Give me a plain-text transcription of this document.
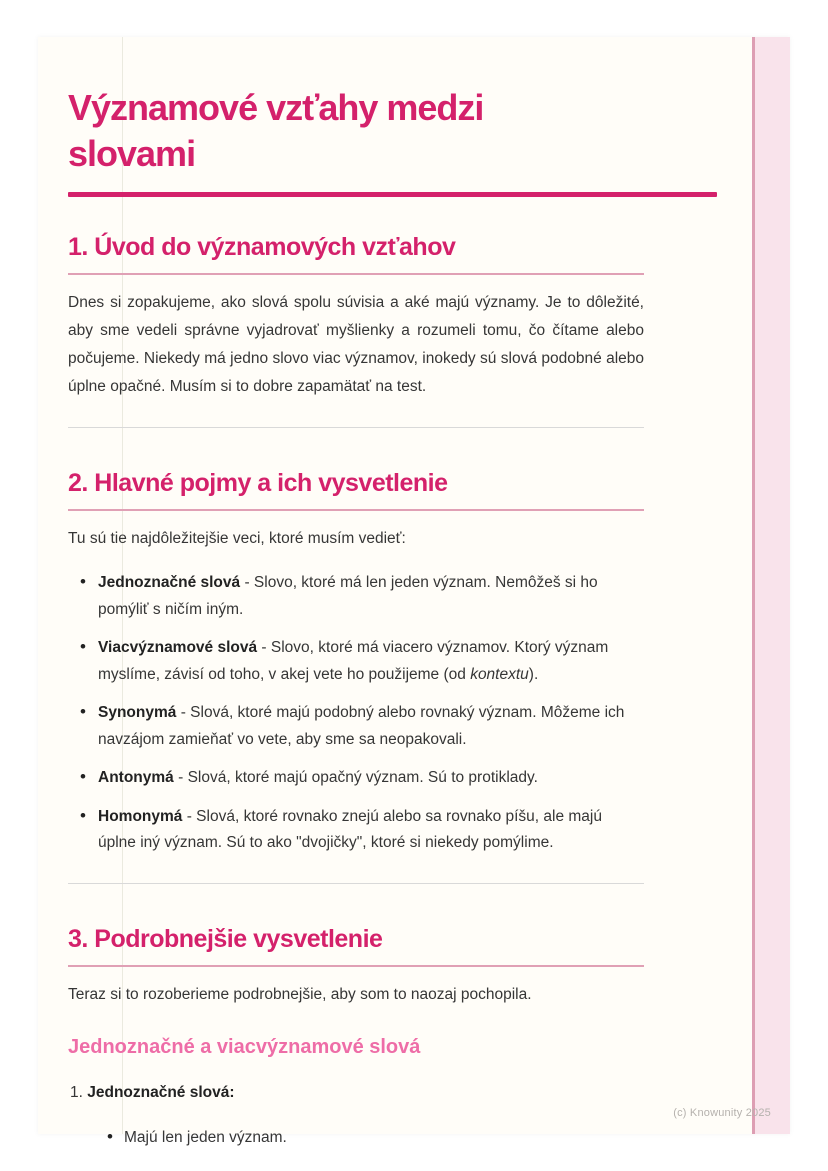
Významové vzťahy medzi slovami
1. Úvod do významových vzťahov

Dnes si zopakujeme, ako slová spolu súvisia a aké majú významy. Je to dôležité, aby sme vedeli správne vyjadrovať myšlienky a rozumeli tomu, čo čítame alebo počujeme. Niekedy má jedno slovo viac významov, inokedy sú slová podobné alebo úplne opačné. Musím si to dobre zapamätať na test.

2. Hlavné pojmy a ich vysvetlenie

Tu sú tie najdôležitejšie veci, ktoré musím vedieť:

• Jednoznačné slová - Slovo, ktoré má len jeden význam. Nemôžeš si ho pomýliť s ničím iným.
• Viacvýznamové slová - Slovo, ktoré má viacero významov. Ktorý význam myslíme, závisí od toho, v akej vete ho použijeme (od kontextu).
• Synonymá - Slová, ktoré majú podobný alebo rovnaký význam. Môžeme ich navzájom zamieňať vo vete, aby sme sa neopakovali.
• Antonymá - Slová, ktoré majú opačný význam. Sú to protiklady.
• Homonymá - Slová, ktoré rovnako znejú alebo sa rovnako píšu, ale majú úplne iný význam. Sú to ako "dvojičky", ktoré si niekedy pomýlime.
3. Podrobnejšie vysvetlenie

Teraz si to rozoberieme podrobnejšie, aby som to naozaj pochopila.

Jednoznačné a viacvýznamové slová
1. Jednoznačné slová:
• Majú len jeden význam.
(c) Knowunity 2025
